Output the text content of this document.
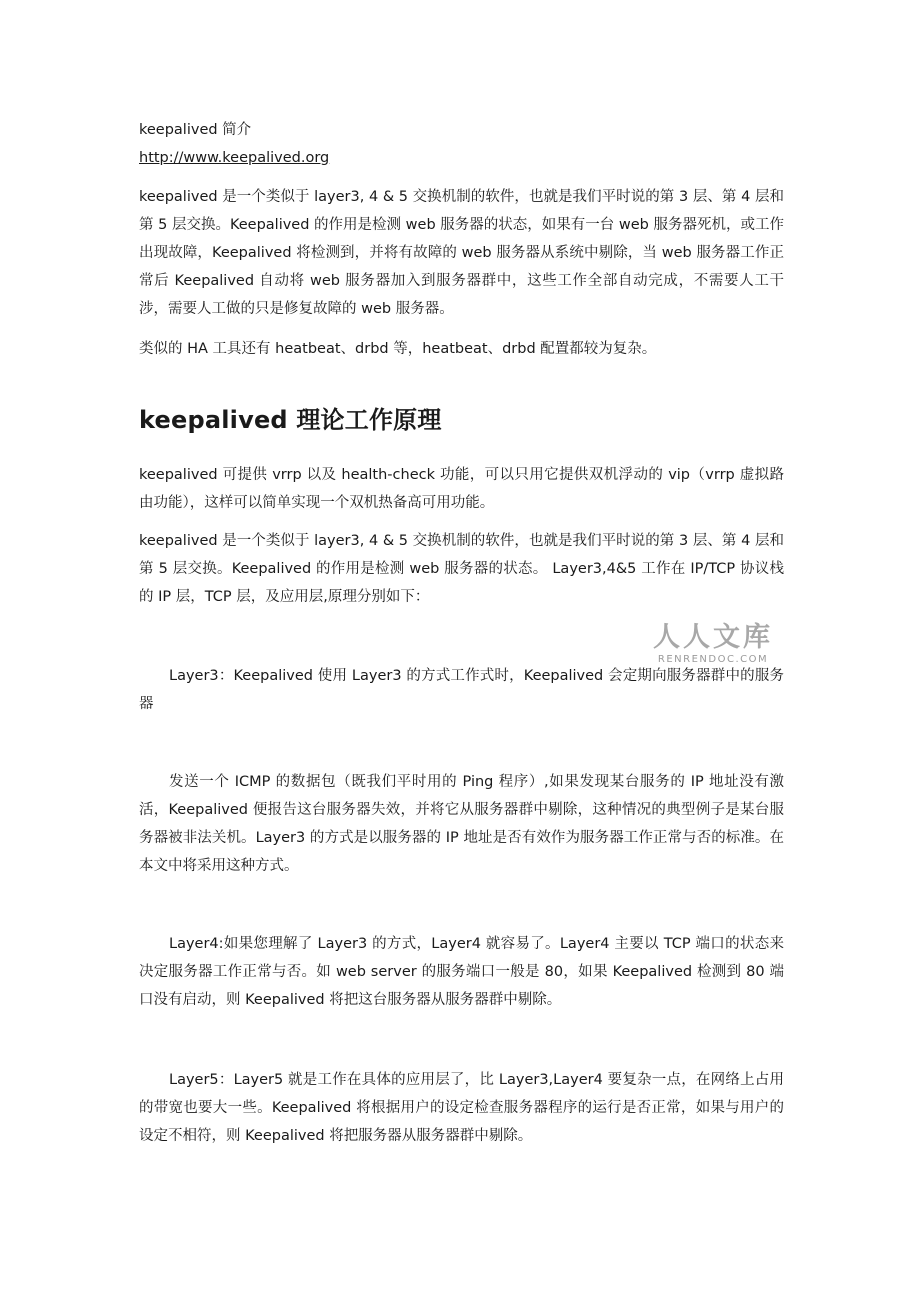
keepalived 简介

http://www.keepalived.org

keepalived 是一个类似于 layer3, 4 & 5 交换机制的软件，也就是我们平时说的第 3 层、第 4 层和第 5 层交换。Keepalived 的作用是检测 web 服务器的状态，如果有一台 web 服务器死机，或工作出现故障，Keepalived 将检测到，并将有故障的 web 服务器从系统中剔除，当 web 服务器工作正常后 Keepalived 自动将 web 服务器加入到服务器群中，这些工作全部自动完成，不需要人工干涉，需要人工做的只是修复故障的 web 服务器。

类似的 HA 工具还有 heatbeat、drbd 等，heatbeat、drbd 配置都较为复杂。

keepalived 理论工作原理

keepalived 可提供 vrrp 以及 health-check 功能，可以只用它提供双机浮动的 vip（vrrp 虚拟路由功能），这样可以简单实现一个双机热备高可用功能。

keepalived 是一个类似于 layer3, 4 & 5 交换机制的软件，也就是我们平时说的第 3 层、第 4 层和第 5 层交换。Keepalived 的作用是检测 web 服务器的状态。 Layer3,4&5 工作在 IP/TCP 协议栈的 IP 层，TCP 层，及应用层,原理分别如下：

Layer3：Keepalived 使用 Layer3 的方式工作式时，Keepalived 会定期向服务器群中的服务器

发送一个 ICMP 的数据包（既我们平时用的 Ping 程序）,如果发现某台服务的 IP 地址没有激活，Keepalived 便报告这台服务器失效，并将它从服务器群中剔除，这种情况的典型例子是某台服务器被非法关机。Layer3 的方式是以服务器的 IP 地址是否有效作为服务器工作正常与否的标准。在本文中将采用这种方式。

Layer4:如果您理解了 Layer3 的方式，Layer4 就容易了。Layer4 主要以 TCP 端口的状态来决定服务器工作正常与否。如 web server 的服务端口一般是 80，如果 Keepalived 检测到 80 端口没有启动，则 Keepalived 将把这台服务器从服务器群中剔除。

Layer5：Layer5 就是工作在具体的应用层了，比 Layer3,Layer4 要复杂一点，在网络上占用的带宽也要大一些。Keepalived 将根据用户的设定检查服务器程序的运行是否正常，如果与用户的设定不相符，则 Keepalived 将把服务器从服务器群中剔除。

人人文库
RENRENDOC.COM
